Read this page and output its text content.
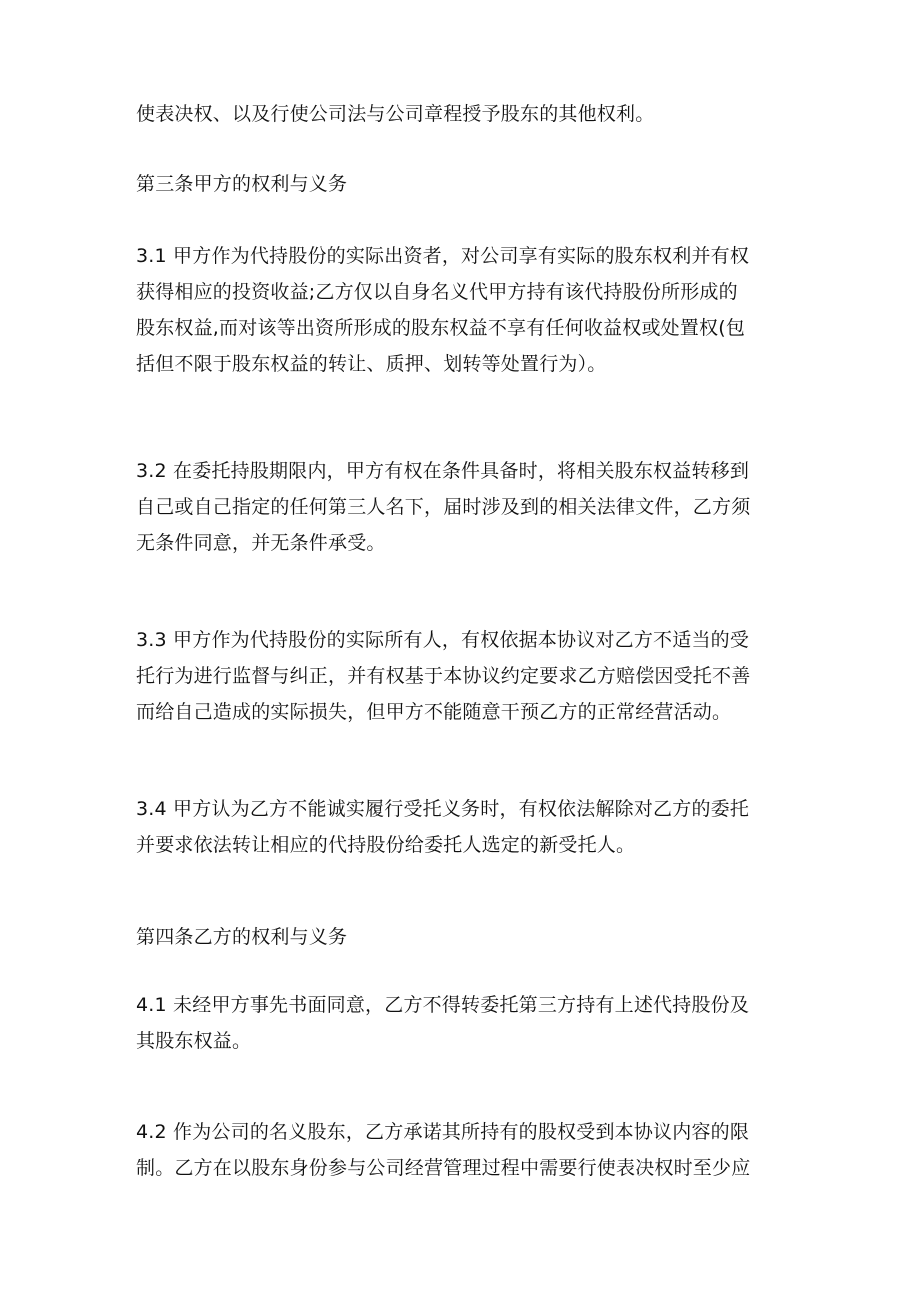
使表决权、以及行使公司法与公司章程授予股东的其他权利。
第三条甲方的权利与义务
3.1 甲方作为代持股份的实际出资者，对公司享有实际的股东权利并有权
获得相应的投资收益;乙方仅以自身名义代甲方持有该代持股份所形成的
股东权益,而对该等出资所形成的股东权益不享有任何收益权或处置权(包
括但不限于股东权益的转让、质押、划转等处置行为）。
3.2 在委托持股期限内，甲方有权在条件具备时，将相关股东权益转移到
自己或自己指定的任何第三人名下，届时涉及到的相关法律文件，乙方须
无条件同意，并无条件承受。
3.3 甲方作为代持股份的实际所有人，有权依据本协议对乙方不适当的受
托行为进行监督与纠正，并有权基于本协议约定要求乙方赔偿因受托不善
而给自己造成的实际损失，但甲方不能随意干预乙方的正常经营活动。
3.4 甲方认为乙方不能诚实履行受托义务时，有权依法解除对乙方的委托
并要求依法转让相应的代持股份给委托人选定的新受托人。
第四条乙方的权利与义务
4.1 未经甲方事先书面同意，乙方不得转委托第三方持有上述代持股份及
其股东权益。
4.2 作为公司的名义股东，乙方承诺其所持有的股权受到本协议内容的限
制。乙方在以股东身份参与公司经营管理过程中需要行使表决权时至少应
